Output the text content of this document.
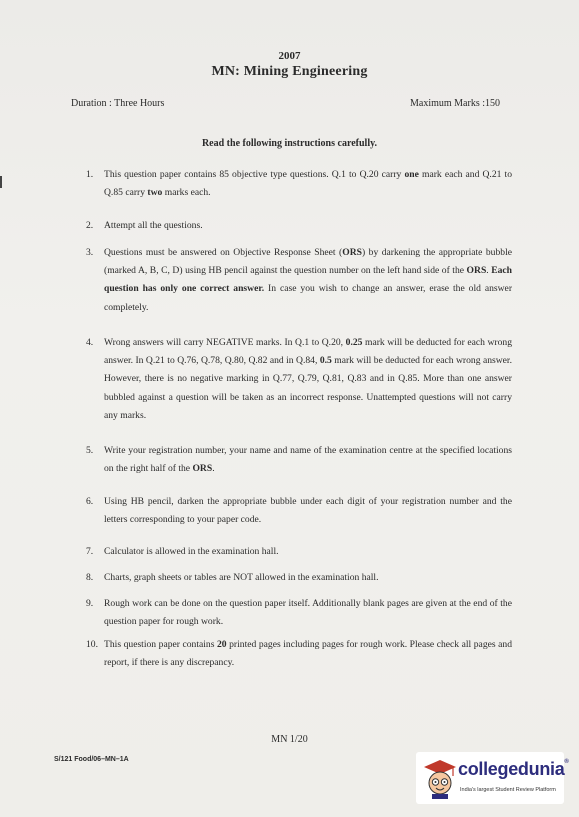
2007
MN: Mining Engineering
Duration : Three Hours	Maximum Marks :150
Read the following instructions carefully.
1.	This question paper contains 85 objective type questions. Q.1 to Q.20 carry one mark each and Q.21 to Q.85 carry two marks each.
2.	Attempt all the questions.
3.	Questions must be answered on Objective Response Sheet (ORS) by darkening the appropriate bubble (marked A, B, C, D) using HB pencil against the question number on the left hand side of the ORS. Each question has only one correct answer. In case you wish to change an answer, erase the old answer completely.
4.	Wrong answers will carry NEGATIVE marks. In Q.1 to Q.20, 0.25 mark will be deducted for each wrong answer. In Q.21 to Q.76, Q.78, Q.80, Q.82 and in Q.84, 0.5 mark will be deducted for each wrong answer. However, there is no negative marking in Q.77, Q.79, Q.81, Q.83 and in Q.85. More than one answer bubbled against a question will be taken as an incorrect response. Unattempted questions will not carry any marks.
5.	Write your registration number, your name and name of the examination centre at the specified locations on the right half of the ORS.
6.	Using HB pencil, darken the appropriate bubble under each digit of your registration number and the letters corresponding to your paper code.
7.	Calculator is allowed in the examination hall.
8.	Charts, graph sheets or tables are NOT allowed in the examination hall.
9.	Rough work can be done on the question paper itself. Additionally blank pages are given at the end of the question paper for rough work.
10. This question paper contains 20 printed pages including pages for rough work. Please check all pages and report, if there is any discrepancy.
MN 1/20
S/121 Food/06–MN–1A	collegedunia®
India's largest Student Review Platform
